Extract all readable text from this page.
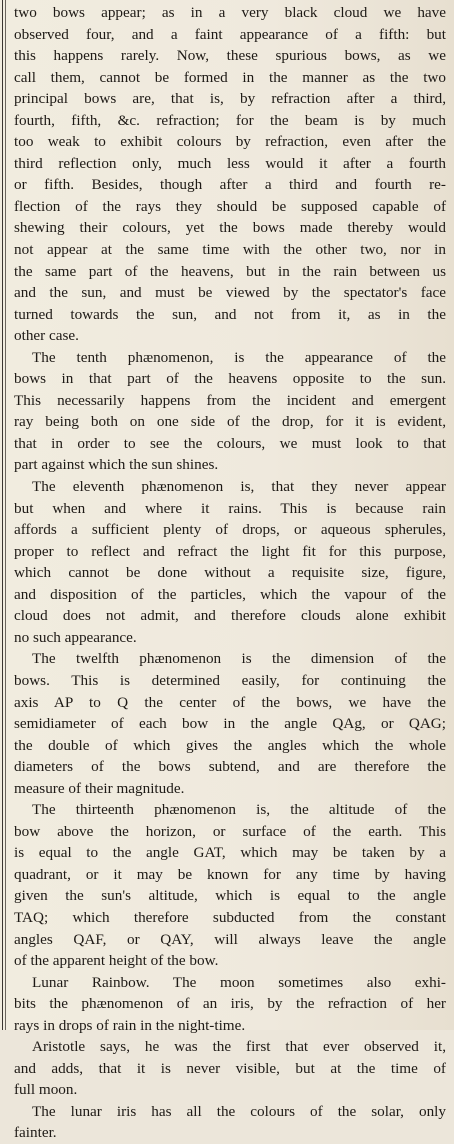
two bows appear; as in a very black cloud we have
observed four, and a faint appearance of a fifth: but
this happens rarely. Now, these spurious bows, as we
call them, cannot be formed in the manner as the two
principal bows are, that is, by refraction after a third,
fourth, fifth, &c. refraction; for the beam is by much
too weak to exhibit colours by refraction, even after the
third reflection only, much less would it after a fourth
or fifth. Besides, though after a third and fourth re-
flection of the rays they should be supposed capable of
shewing their colours, yet the bows made thereby would
not appear at the same time with the other two, nor in
the same part of the heavens, but in the rain between us
and the sun, and must be viewed by the spectator's face
turned towards the sun, and not from it, as in the
other case.
The tenth phænomenon, is the appearance of the
bows in that part of the heavens opposite to the sun.
This necessarily happens from the incident and emergent
ray being both on one side of the drop, for it is evident,
that in order to see the colours, we must look to that
part against which the sun shines.
The eleventh phænomenon is, that they never appear
but when and where it rains. This is because rain
affords a sufficient plenty of drops, or aqueous spherules,
proper to reflect and refract the light fit for this purpose,
which cannot be done without a requisite size, figure,
and disposition of the particles, which the vapour of the
cloud does not admit, and therefore clouds alone exhibit
no such appearance.
The twelfth phænomenon is the dimension of the
bows. This is determined easily, for continuing the
axis AP to Q the center of the bows, we have the
semidiameter of each bow in the angle QAg, or QAG;
the double of which gives the angles which the whole
diameters of the bows subtend, and are therefore the
measure of their magnitude.
The thirteenth phænomenon is, the altitude of the
bow above the horizon, or surface of the earth. This
is equal to the angle GAT, which may be taken by a
quadrant, or it may be known for any time by having
given the sun's altitude, which is equal to the angle
TAQ; which therefore subducted from the constant
angles QAF, or QAY, will always leave the angle
of the apparent height of the bow.
Lunar Rainbow. The moon sometimes also exhi-
bits the phænomenon of an iris, by the refraction of her
rays in drops of rain in the night-time.
Aristotle says, he was the first that ever observed it,
and adds, that it is never visible, but at the time of
full moon.
The lunar iris has all the colours of the solar, only
fainter.
